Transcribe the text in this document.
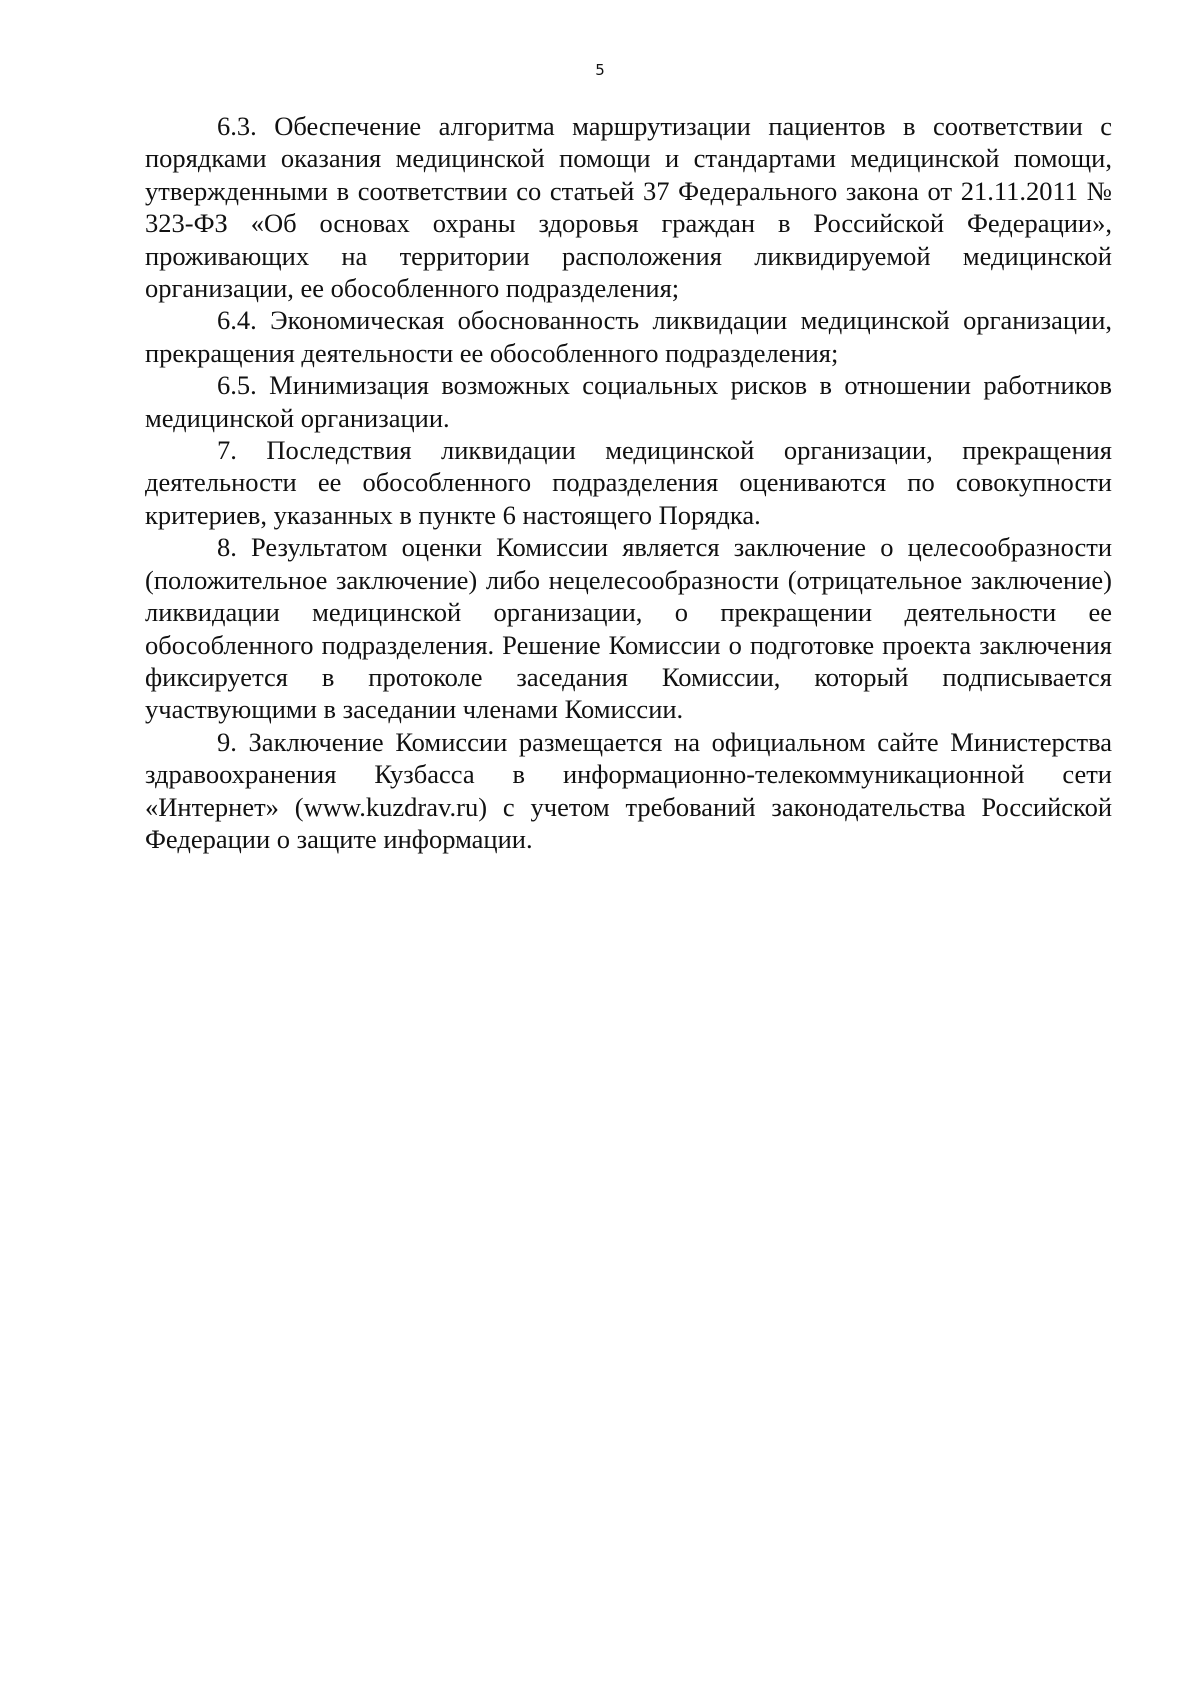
5

6.3. Обеспечение алгоритма маршрутизации пациентов в соответствии с порядками оказания медицинской помощи и стандартами медицинской помощи, утвержденными в соответствии со статьей 37 Федерального закона от 21.11.2011 № 323-ФЗ «Об основах охраны здоровья граждан в Российской Федерации», проживающих на территории расположения ликвидируемой медицинской организации, ее обособленного подразделения;

6.4. Экономическая обоснованность ликвидации медицинской организации, прекращения деятельности ее обособленного подразделения;

6.5. Минимизация возможных социальных рисков в отношении работников медицинской организации.

7. Последствия ликвидации медицинской организации, прекращения деятельности ее обособленного подразделения оцениваются по совокупности критериев, указанных в пункте 6 настоящего Порядка.

8. Результатом оценки Комиссии является заключение о целесообразности (положительное заключение) либо нецелесообразности (отрицательное заключение) ликвидации медицинской организации, о прекращении деятельности ее обособленного подразделения. Решение Комиссии о подготовке проекта заключения фиксируется в протоколе заседания Комиссии, который подписывается участвующими в заседании членами Комиссии.

9. Заключение Комиссии размещается на официальном сайте Министерства здравоохранения Кузбасса в информационно-телекоммуникационной сети «Интернет» (www.kuzdrav.ru) с учетом требований законодательства Российской Федерации о защите информации.
